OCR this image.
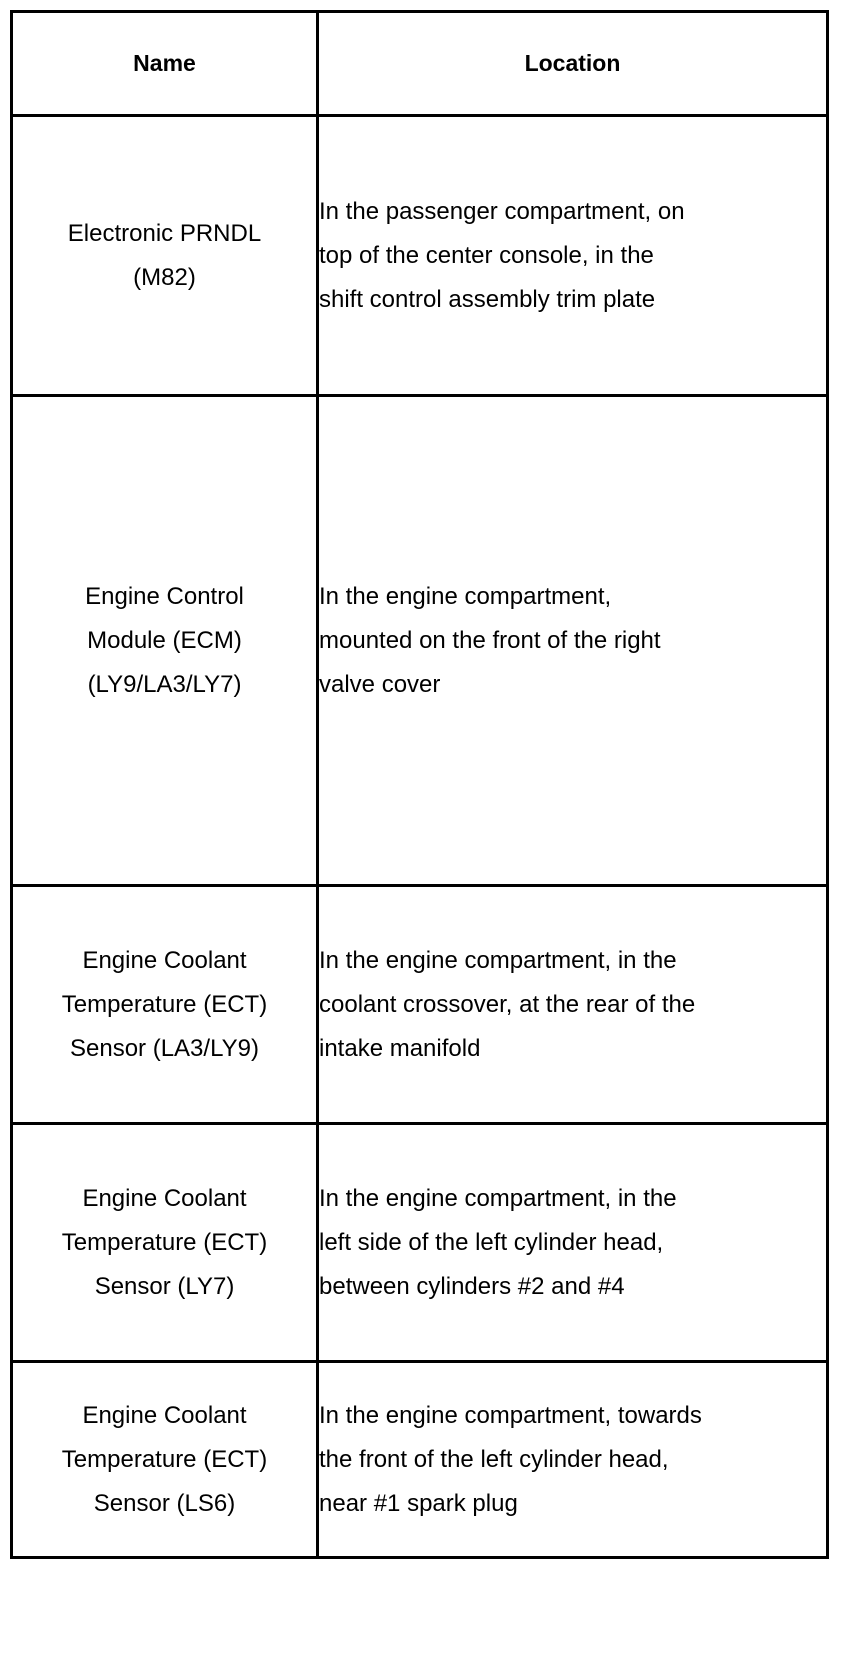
Name	Location

Electronic PRNDL
(M82)	In the passenger compartment, on
top of the center console, in the
shift control assembly trim plate

Engine Control
Module (ECM)
(LY9/LA3/LY7)	In the engine compartment,
mounted on the front of the right
valve cover

Engine Coolant
Temperature (ECT)
Sensor (LA3/LY9)	In the engine compartment, in the
coolant crossover, at the rear of the
intake manifold

Engine Coolant
Temperature (ECT)
Sensor (LY7)	In the engine compartment, in the
left side of the left cylinder head,
between cylinders #2 and #4

Engine Coolant
Temperature (ECT)
Sensor (LS6)	In the engine compartment, towards
the front of the left cylinder head,
near #1 spark plug
